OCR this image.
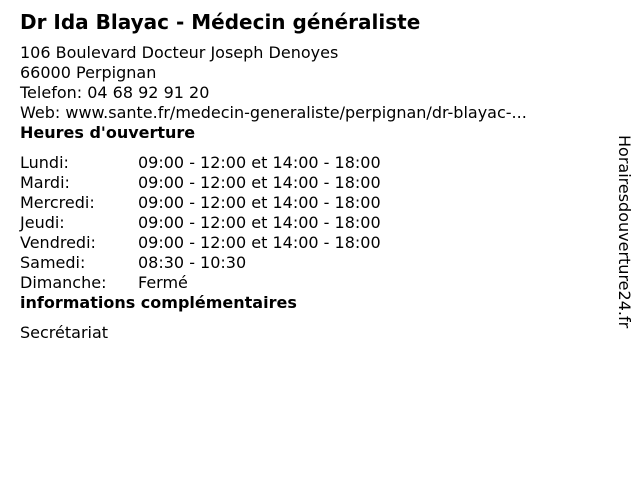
Dr Ida Blayac - Médecin généraliste
106 Boulevard Docteur Joseph Denoyes
66000 Perpignan
Telefon: 04 68 92 91 20
Web: www.sante.fr/medecin-generaliste/perpignan/dr-blayac-...
Heures d'ouverture
Lundi:	09:00 - 12:00 et 14:00 - 18:00
Mardi:	09:00 - 12:00 et 14:00 - 18:00
Mercredi:	09:00 - 12:00 et 14:00 - 18:00
Jeudi:	09:00 - 12:00 et 14:00 - 18:00
Vendredi:	09:00 - 12:00 et 14:00 - 18:00
Samedi:	08:30 - 10:30
Dimanche:	Fermé
informations complémentaires
Secrétariat
Horairesdouverture24.fr
